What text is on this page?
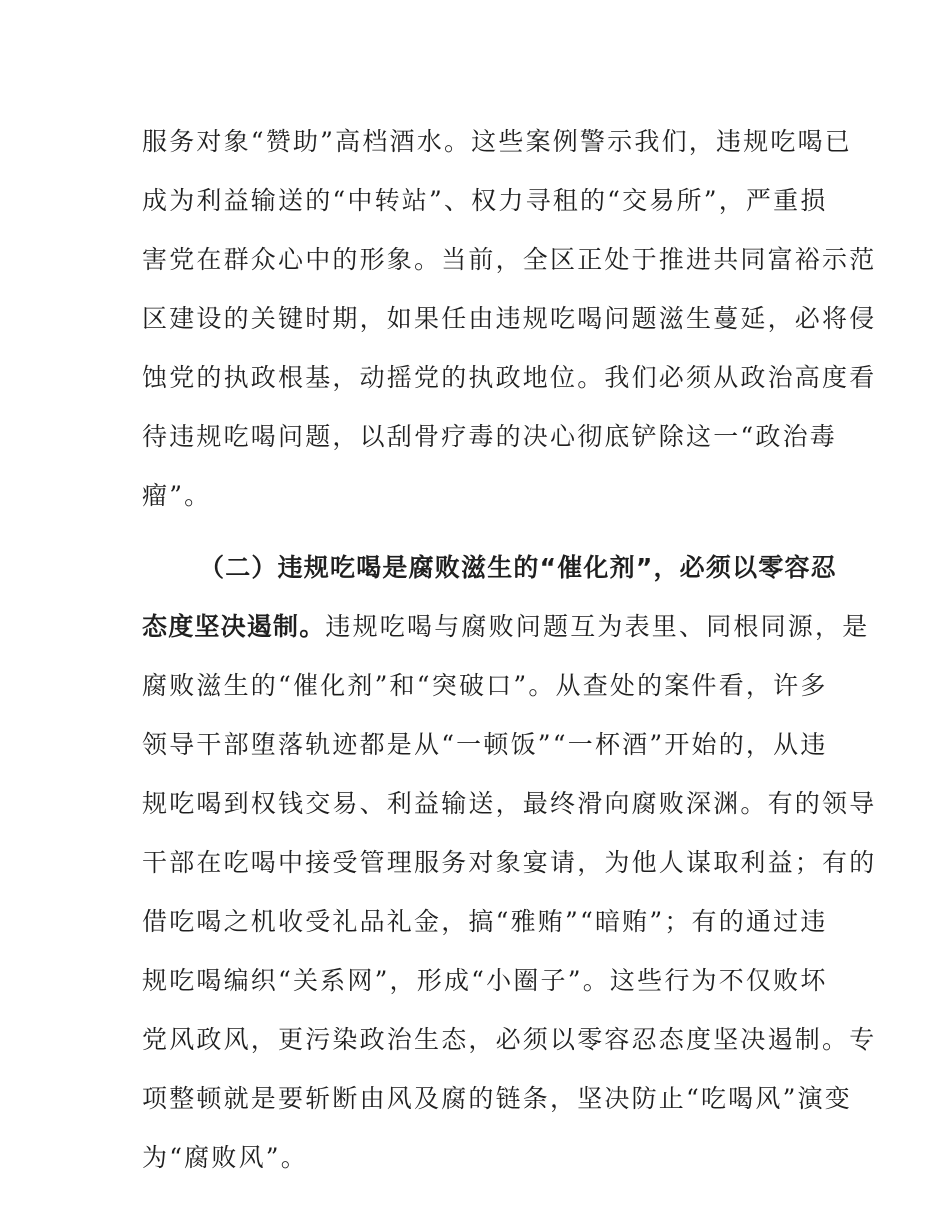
服务对象“赞助”高档酒水。这些案例警示我们，违规吃喝已
成为利益输送的“中转站”、权力寻租的“交易所”，严重损
害党在群众心中的形象。当前，全区正处于推进共同富裕示范
区建设的关键时期，如果任由违规吃喝问题滋生蔓延，必将侵
蚀党的执政根基，动摇党的执政地位。我们必须从政治高度看
待违规吃喝问题，以刮骨疗毒的决心彻底铲除这一“政治毒
瘤”。
（二）违规吃喝是腐败滋生的“催化剂”，必须以零容忍
态度坚决遏制。违规吃喝与腐败问题互为表里、同根同源，是
腐败滋生的“催化剂”和“突破口”。从查处的案件看，许多
领导干部堕落轨迹都是从“一顿饭”“一杯酒”开始的，从违
规吃喝到权钱交易、利益输送，最终滑向腐败深渊。有的领导
干部在吃喝中接受管理服务对象宴请，为他人谋取利益；有的
借吃喝之机收受礼品礼金，搞“雅贿”“暗贿”；有的通过违
规吃喝编织“关系网”，形成“小圈子”。这些行为不仅败坏
党风政风，更污染政治生态，必须以零容忍态度坚决遏制。专
项整顿就是要斩断由风及腐的链条，坚决防止“吃喝风”演变
为“腐败风”。
